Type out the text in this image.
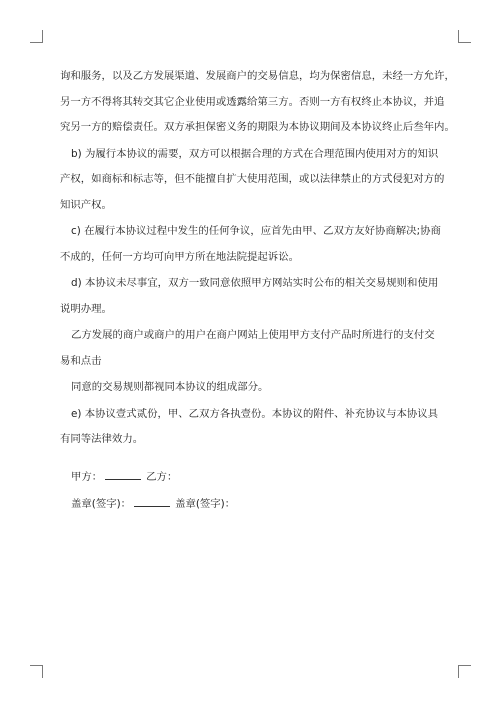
询和服务，以及乙方发展渠道、发展商户的交易信息，均为保密信息，未经一方允许，
另一方不得将其转交其它企业使用或透露给第三方。否则一方有权终止本协议，并追
究另一方的赔偿责任。双方承担保密义务的期限为本协议期间及本协议终止后叁年内。

b) 为履行本协议的需要，双方可以根据合理的方式在合理范围内使用对方的知识
产权，如商标和标志等，但不能擅自扩大使用范围，或以法律禁止的方式侵犯对方的
知识产权。

c) 在履行本协议过程中发生的任何争议，应首先由甲、乙双方友好协商解决;协商
不成的，任何一方均可向甲方所在地法院提起诉讼。

d) 本协议未尽事宜，双方一致同意依照甲方网站实时公布的相关交易规则和使用
说明办理。

乙方发展的商户或商户的用户在商户网站上使用甲方支付产品时所进行的支付交
易和点击

同意的交易规则都视同本协议的组成部分。

e) 本协议壹式贰份，甲、乙双方各执壹份。本协议的附件、补充协议与本协议具
有同等法律效力。

甲方：	乙方：
盖章(签字)：	盖章(签字)：
